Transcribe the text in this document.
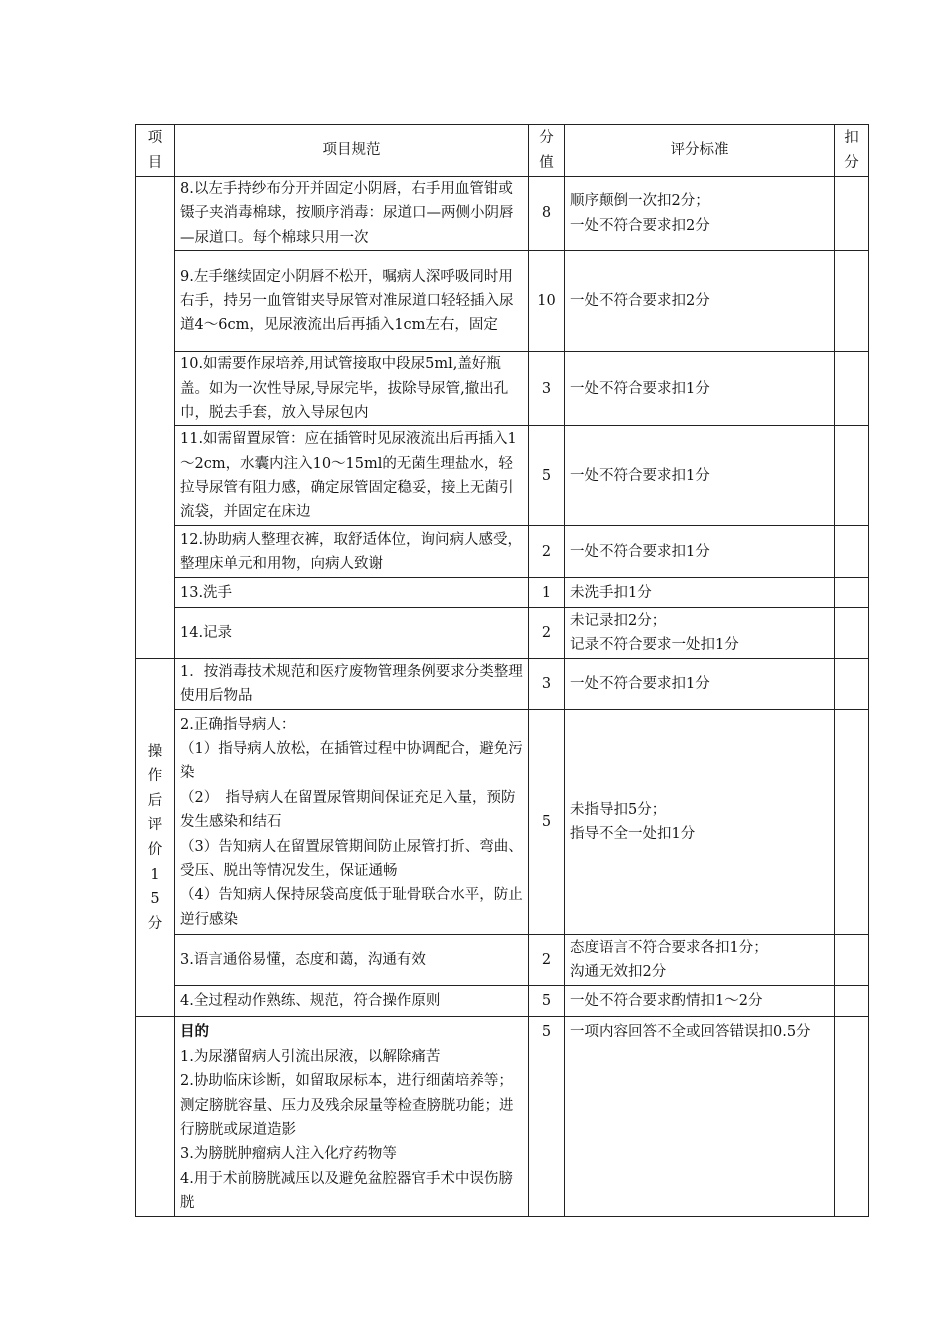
项目	项目规范	分值	评分标准	扣分

	8.以左手持纱布分开并固定小阴唇，右手用血管钳或镊子夹消毒棉球，按顺序消毒：尿道口—两侧小阴唇—尿道口。每个棉球只用一次	8	顺序颠倒一次扣2分；
一处不符合要求扣2分	

	9.左手继续固定小阴唇不松开，嘱病人深呼吸同时用右手，持另一血管钳夹导尿管对准尿道口轻轻插入尿道4～6cm，见尿液流出后再插入1cm左右，固定	10	一处不符合要求扣2分	
	10.如需要作尿培养,用试管接取中段尿5ml,盖好瓶盖。如为一次性导尿,导尿完毕，拔除导尿管,撤出孔巾，脱去手套，放入导尿包内	3	一处不符合要求扣1分	
	11.如需留置尿管：应在插管时见尿液流出后再插入1～2cm，水囊内注入10～15ml的无菌生理盐水，轻拉导尿管有阻力感，确定尿管固定稳妥，接上无菌引流袋，并固定在床边	5	一处不符合要求扣1分	
	12.协助病人整理衣裤，取舒适体位，询问病人感受，整理床单元和用物，向病人致谢	2	一处不符合要求扣1分	
	13.洗手	1	未洗手扣1分	
	14.记录	2	未记录扣2分；
记录不符合要求一处扣1分	

操作后评价15分	1．按消毒技术规范和医疗废物管理条例要求分类整理使用后物品	3	一处不符合要求扣1分	

	2.正确指导病人：
（1）指导病人放松，在插管过程中协调配合，避免污染
（2）　指导病人在留置尿管期间保证充足入量，预防发生感染和结石
（3）告知病人在留置尿管期间防止尿管打折、弯曲、受压、脱出等情况发生，保证通畅
（4）告知病人保持尿袋高度低于耻骨联合水平，防止逆行感染	5	未指导扣5分；
指导不全一处扣1分	

	3.语言通俗易懂，态度和蔼，沟通有效	2	态度语言不符合要求各扣1分；
沟通无效扣2分	

	4.全过程动作熟练、规范，符合操作原则	5	一处不符合要求酌情扣1～2分	

	目的
1.为尿潴留病人引流出尿液，以解除痛苦
2.协助临床诊断，如留取尿标本，进行细菌培养等；测定膀胱容量、压力及残余尿量等检查膀胱功能；进行膀胱或尿道造影
3.为膀胱肿瘤病人注入化疗药物等
4.用于术前膀胱减压以及避免盆腔器官手术中误伤膀胱	5	一项内容回答不全或回答错误扣0.5分	
